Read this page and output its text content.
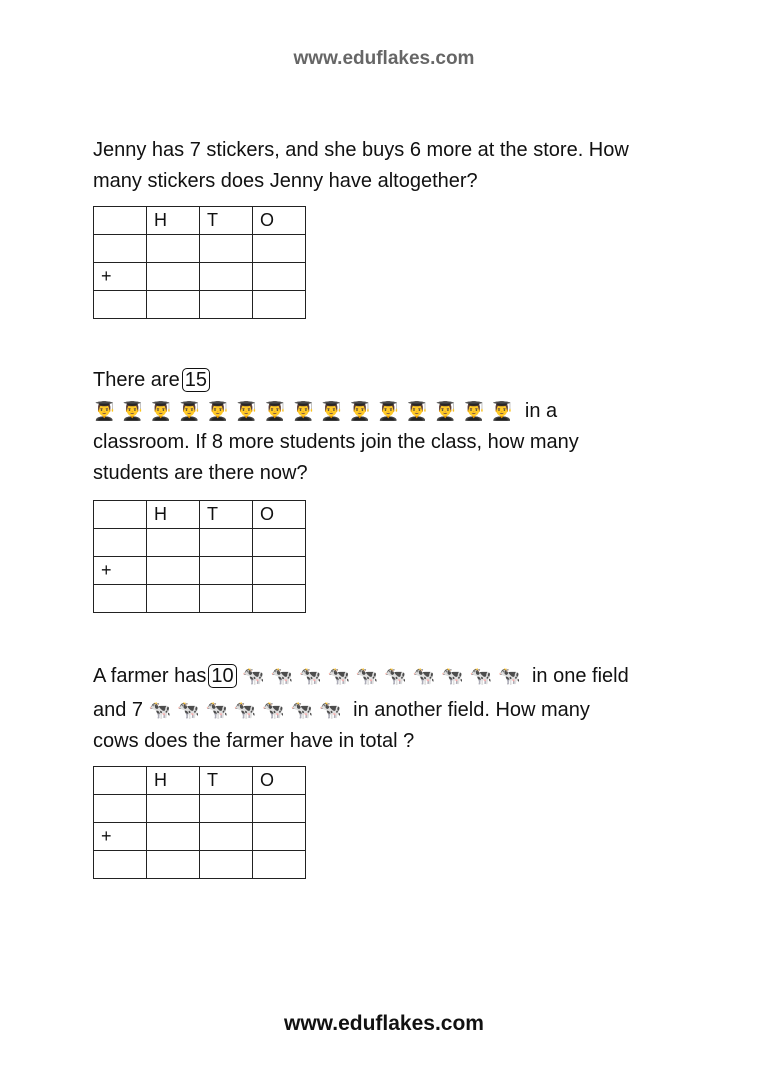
www.eduflakes.com

Jenny has 7 stickers, and she buys 6 more at the store. How many stickers does Jenny have altogether?

	H	T	O

+			

There are 15

👨‍🎓 👨‍🎓 👨‍🎓 👨‍🎓 👨‍🎓 👨‍🎓 👨‍🎓 👨‍🎓 👨‍🎓 👨‍🎓 👨‍🎓 👨‍🎓 👨‍🎓 👨‍🎓 👨‍🎓 in a

classroom. If 8 more students join the class, how many students are there now?

	H	T	O

+			

A farmer has 10 🐄 🐄 🐄 🐄 🐄 🐄 🐄 🐄 🐄 🐄 in one field

and 7 🐄 🐄 🐄 🐄 🐄 🐄 🐄 in another field. How many

cows does the farmer have in total ?

	H	T	O

+			

www.eduflakes.com
